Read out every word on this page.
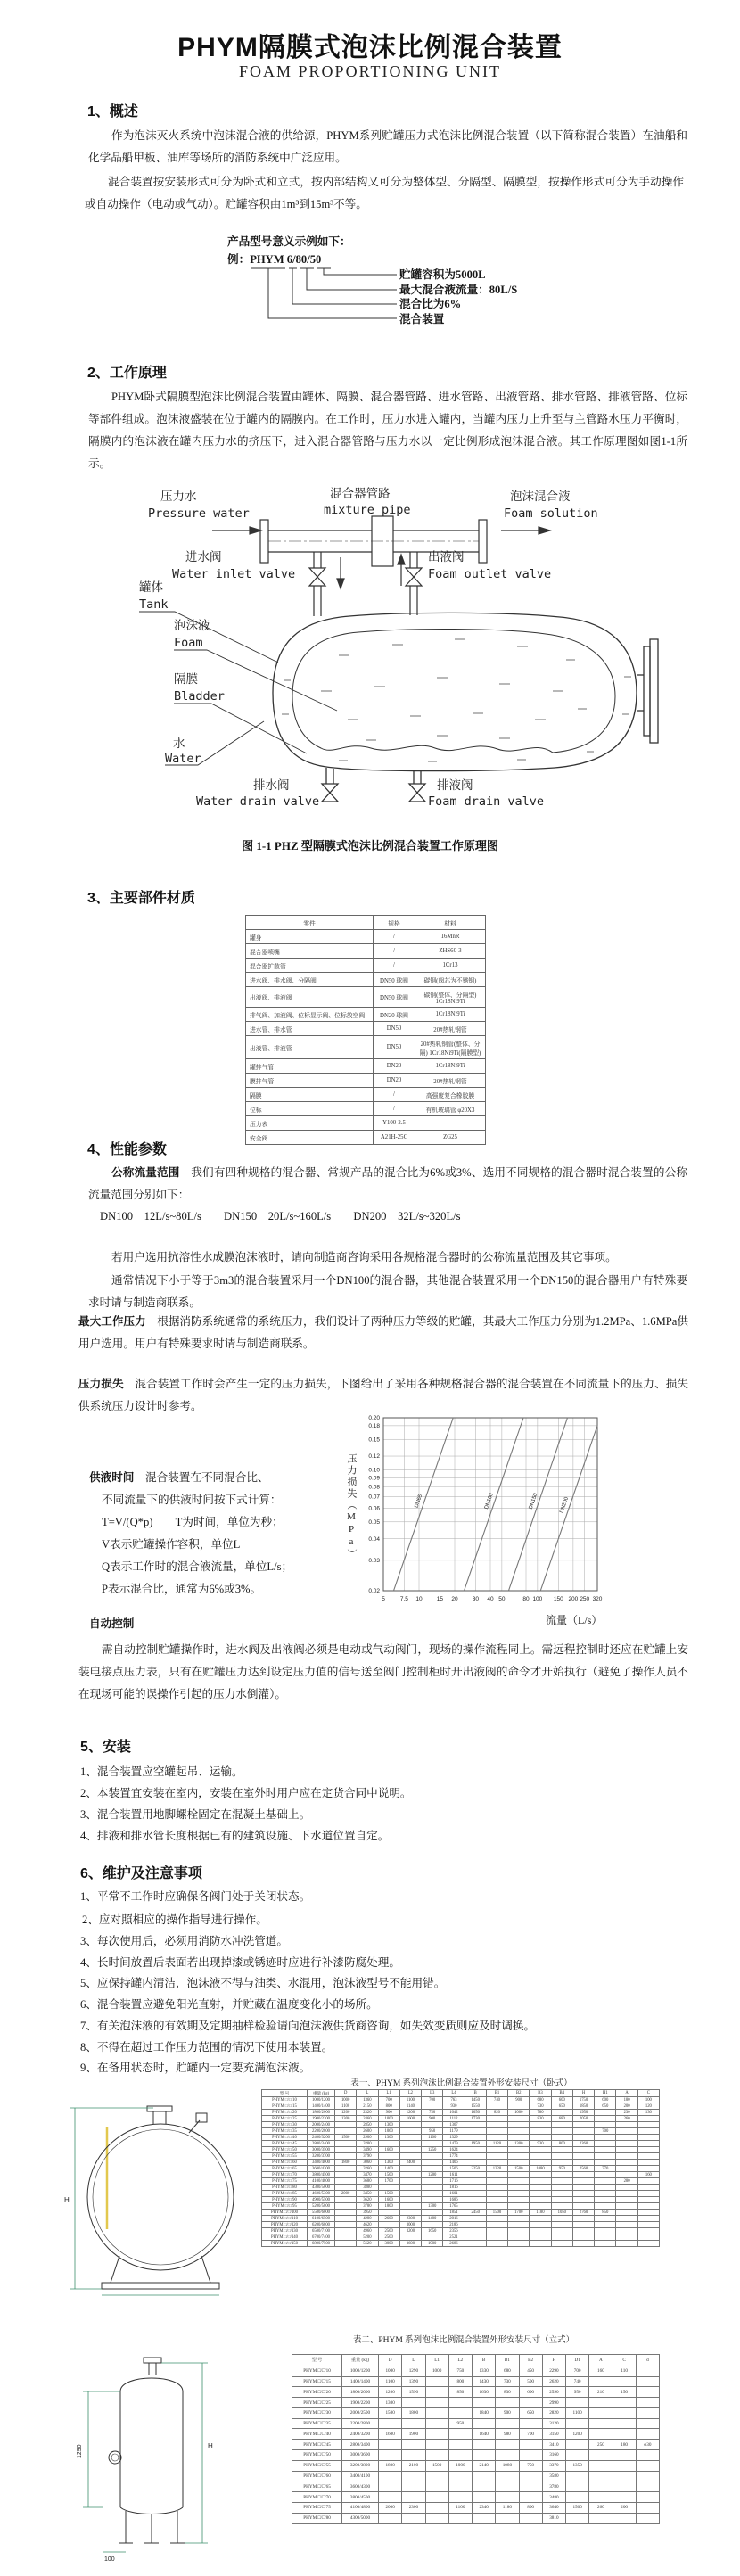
PHYM隔膜式泡沫比例混合装置
FOAM PROPORTIONING UNIT
1、概述
作为泡沫灭火系统中泡沫混合液的供给源，PHYM系列贮罐压力式泡沫比例混合装置（以下简称混合装置）在油船和化学品船甲板、油库等场所的消防系统中广泛应用。
混合装置按安装形式可分为卧式和立式，按内部结构又可分为整体型、分隔型、隔膜型，按操作形式可分为手动操作或自动操作（电动或气动）。贮罐容积由1m³到15m³不等。
产品型号意义示例如下：
例：PHYM 6/80/50
贮罐容积为5000L
最大混合液流量：80L/S
混合比为6%
混合装置
2、工作原理
PHYM卧式隔膜型泡沫比例混合装置由罐体、隔膜、混合器管路、进水管路、出液管路、排水管路、排液管路、位标等部件组成。泡沫液盛装在位于罐内的隔膜内。在工作时，压力水进入罐内，当罐内压力上升至与主管路水压力平衡时，隔膜内的泡沫液在罐内压力水的挤压下，进入混合器管路与压力水以一定比例形成泡沫混合液。其工作原理图如图1-1所示。
压力水
Pressure water
混合器管路
mixture pipe
泡沫混合液
Foam solution
进水阀
Water inlet valve
出液阀
Foam outlet valve
罐体
Tank
泡沫液
Foam
隔膜
Bladder
水
Water
排水阀
Water drain valve
排液阀
Foam drain valve
图 1-1 PHZ 型隔膜式泡沫比例混合装置工作原理图
3、主要部件材质
零件	规格	材料
罐身	/	16MnR
混合器喷嘴	/	ZHS60-3
混合器扩散管	/	1Cr13
进水阀、排水阀、分隔阀	DN50 球阀	碳钢(阀芯为不锈钢)
出液阀、排液阀	DN50 球阀	碳钢(整体、分隔型) 1Cr18Ni9Ti
排气阀、加液阀、位标显示阀、位标放空阀	DN20 球阀	1Cr18Ni9Ti
进水管、排水管	DN50	20#热轧钢管
出液管、排液管	DN50	20#热轧钢管(整体、分隔) 1Cr18Ni9Ti(隔膜型)
罐排气管	DN20	1Cr18Ni9Ti
膜排气管	DN20	20#热轧钢管
隔膜	/	高强度复合橡胶膜
位标	/	有机玻璃管 φ20X3
压力表	Y100-2.5	
安全阀	A21H-25C	ZG25
4、性能参数
公称流量范围　我们有四种规格的混合器、常规产品的混合比为6%或3%、选用不同规格的混合器时混合装置的公称流量范围分别如下：
DN100　12L/s~80L/s　　DN150　20L/s~160L/s　　DN200　32L/s~320L/s
若用户选用抗溶性水成膜泡沫液时，请向制造商咨询采用各规格混合器时的公称流量范围及其它事项。
通常情况下小于等于3m3的混合装置采用一个DN100的混合器，其他混合装置采用一个DN150的混合器用户有特殊要求时请与制造商联系。
最大工作压力　根据消防系统通常的系统压力，我们设计了两种压力等级的贮罐，其最大工作压力分别为1.2MPa、1.6MPa供用户选用。用户有特殊要求时请与制造商联系。
压力损失　混合装置工作时会产生一定的压力损失，下图给出了采用各种规格混合器的混合装置在不同流量下的压力、损失供系统压力设计时参考。
5	7.5 10 15 20 30 40 50	80 100 150 200 250 320
0.02
0.03
0.04
0.05
0.06
0.07
0.08
0.09
0.10
0.12
0.15
0.18
0.20
DN65	DN100	DN150	DN200
压力损失（MPa）
流量（L/s）
供液时间　混合装置在不同混合比、
不同流量下的供液时间按下式计算：
T=V/(Q*p)　　T为时间，单位为秒；
V表示贮罐操作容积，单位L
Q表示工作时的混合液流量，单位L/s；
P表示混合比，通常为6%或3%。
自动控制
需自动控制贮罐操作时，进水阀及出液阀必须是电动或气动阀门，现场的操作流程同上。需远程控制时还应在贮罐上安装电接点压力表，只有在贮罐压力达到设定压力值的信号送至阀门控制柜时开出液阀的命令才开始执行（避免了操作人员不在现场可能的误操作引起的压力水倒灌）。
5、安装
1、混合装置应空罐起吊、运输。
2、本装置宜安装在室内，安装在室外时用户应在定货合同中说明。
3、混合装置用地脚螺栓固定在混凝土基础上。
4、排液和排水管长度根据已有的建筑设施、下水道位置自定。
6、维护及注意事项
1、平常不工作时应确保各阀门处于关闭状态。
2、应对照相应的操作指导进行操作。
3、每次使用后，必须用消防水冲洗管道。
4、长时间放置后表面若出现掉漆或锈迹时应进行补漆防腐处理。
5、应保持罐内清洁，泡沫液不得与油类、水混用，泡沫液型号不能用错。
6、混合装置应避免阳光直射，并贮藏在温度变化小的场所。
7、有关泡沫液的有效期及定期抽样检验请向泡沫液供货商咨询，如失效变质则应及时调换。
8、不得在超过工作压力范围的情况下使用本装置。
9、在备用状态时，贮罐内一定要充满泡沫液。
表一、PHYM 系列泡沫比例混合装置外形安装尺寸（卧式）
H
型 号	重量 (kg)	D	L	L1	L2	L3	L4	B	B1	B2	B3	B4	H	H1	A	C
PHYM □/□/10	1000/1200	1000	1360	700	1100	700	763	1450	740	900	680	600	1750	600	180	100
PHYM □/□/15	1400/1400	1100	2150	800	1140		930	1550			730	650	1850	650	200	120
PHYM □/□/20	1800/2000	1200	2320	900	1200	750	1042	1650	820	1000	780		1950		230	130
PHYM □/□/25	1900/2200	1300	2460	1000	1600	900	1112	1730			830	680	2050		260	
PHYM □/□/30	2000/2400		2850	1300			1307									
PHYM □/□/35	2200/2800		2600	1060		950	1179							700		
PHYM □/□/40	2400/3200	1500	2900	1300		1100	1329									
PHYM □/□/45	2800/3400		3200				1479	1950	1120	1300	930	800	2260			
PHYM □/□/50	3000/3500		3490	1600		1250	1624									
PHYM □/□/55	3200/3700		3790				1774									
PHYM □/□/60	3400/4000	1800	3060	1300	2400		1406									
PHYM □/□/65	3600/4300		3260	1400			1506	2250	1320	1500	1080	950	2560	770		
PHYM □/□/70	3800/4500		3470	1500		1200	1611									160
PHYM □/□/75	4100/4800		3680	1700			1716								280	
PHYM □/□/80	4300/5000		3880				1816									
PHYM □/□/85	4600/5300	2000	3450	1500			1601									
PHYM □/□/90	4900/5500		3620	1600			1686									
PHYM □/□/95	5200/5800		3780	1800		1300	1765									
PHYM □/□/100	5500/6000		3950				1851	2450	1500	1700	1180	1050	2760	850		
PHYM □/□/110	6100/6500		4280	2600	2300	1400	2016									
PHYM □/□/120	6200/6800		4620		3000		2186									
PHYM □/□/130	6500/7100		4960	2500	3200	1650	2356									
PHYM □/□/140	6700/7400		5200	2500			2521									
PHYM □/□/150	6800/7500		5620	3000	3600	1900	2686									
表二、PHYM 系列泡沫比例混合装置外形安装尺寸（立式）
1290	H
100
型 号	重量 (kg)	D	L	L1	L2	B	B1	B2	H	D1	A	C	d
PHYM □/□/10	1000/1200	1000	1290	1000	750	1330	680	450	2290	700	160	110	
PHYM □/□/15	1400/1400	1100	1390		800	1430	730	500	2620	740			
PHYM □/□/20	1800/2000	1200	1590		850	1630	830	600	2590	950	210	150	
PHYM □/□/25	1900/2200	1300							2990				
PHYM □/□/30	2000/2500	1500	1800			1840	900	650	2820	1100			
PHYM □/□/35	2200/2800				950				3120				
PHYM □/□/40	2400/3200	1600	1900			1640	980	700	3150	1200			
PHYM □/□/45	2800/3400								3410		250	180	φ30
PHYM □/□/50	3000/3600								3160				
PHYM □/□/55	3200/3800	1800	2100	1500	1000	2140	1080	750	3370	1350			
PHYM □/□/60	3400/4100								3580				
PHYM □/□/65	3600/4300								3780				
PHYM □/□/70	3800/4500								3480				
PHYM □/□/75	4100/4800	2000	2300		1100	2340	1180	800	3640	1500	260	200	
PHYM □/□/80	4300/5000								3810				
